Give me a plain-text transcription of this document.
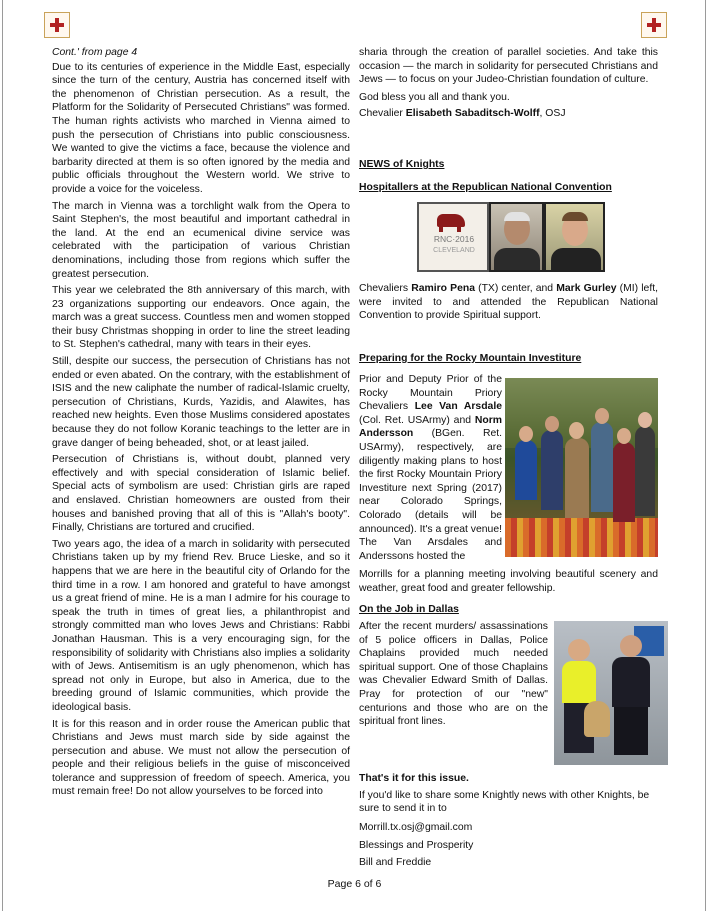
Cont.' from page 4

Due to its centuries of experience in the Middle East, especially since the turn of the century, Austria has concerned itself with the phenomenon of Christian persecution. As a result, the Platform for the Solidarity of Persecuted Christians" was formed. The human rights activists who marched in Vienna aimed to push the persecution of Christians into public consciousness. We wanted to give the victims a face, because the violence and barbarity directed at them is so often ignored by the media and public officials throughout the Western world. We strive to provide a voice for the voiceless.

The march in Vienna was a torchlight walk from the Opera to Saint Stephen's, the most beautiful and important cathedral in the land. At the end an ecumenical divine service was celebrated with the participation of various Christian denominations, including those from regions which suffer the greatest persecution.

This year we celebrated the 8th anniversary of this march, with 23 organizations supporting our endeavors. Once again, the march was a great success. Countless men and women stopped their busy Christmas shopping in order to line the street leading to St. Stephen's cathedral, many with tears in their eyes.

Still, despite our success, the persecution of Christians has not ended or even abated. On the contrary, with the establishment of ISIS and the new caliphate the number of radical-Islamic cruelty, persecution of Christians, Kurds, Yazidis, and Alawites, has reached new heights. Even those Muslims considered apostates because they do not follow Koranic teachings to the letter are in grave danger of being beheaded, shot, or at least jailed.

Persecution of Christians is, without doubt, planned very effectively and with special consideration of Islamic belief. Special acts of symbolism are used: Christian girls are raped and enslaved. Christian homeowners are ousted from their houses and banished proving that all of this is "Allah's booty". Finally, Christians are tortured and crucified.

Two years ago, the idea of a march in solidarity with persecuted Christians taken up by my friend Rev. Bruce Lieske, and so it happens that we are here in the beautiful city of Orlando for the third time in a row. I am honored and grateful to have amongst us a great friend of mine. He is a man I admire for his courage to speak the truth in times of great lies, a philanthropist and strongly committed man who loves Jews and Christians: Rabbi Jonathan Hausman. This is a very encouraging sign, for the responsibility of solidarity with Christians also implies a solidarity with of Jews. Antisemitism is an ugly phenomenon, which has spread not only in Europe, but also in America, due to the breeding ground of Islamic communities, which provide the ideological basis.

It is for this reason and in order rouse the American public that Christians and Jews must march side by side against the persecution and abuse. We must not allow the persecution of people and their religious beliefs in the guise of misconceived tolerance and suppression of freedom of speech. America, you must remain free! Do not allow yourselves to be forced into

sharia through the creation of parallel societies. And take this occasion — the march in solidarity for persecuted Christians and Jews — to focus on your Judeo-Christian foundation of culture.

God bless you all and thank you.

Chevalier Elisabeth Sabaditsch-Wolff, OSJ

NEWS of Knights

Hospitallers at the Republican National Convention

RNC·2016
CLEVELAND

Chevaliers Ramiro Pena (TX) center, and Mark Gurley (MI) left, were invited to and attended the Republican National Convention to provide Spiritual support.

Preparing for the Rocky Mountain Investiture

Prior and Deputy Prior of the Rocky Mountain Priory Chevaliers Lee Van Arsdale (Col. Ret. USArmy) and Norm Andersson (BGen. Ret. USArmy), respectively, are diligently making plans to host the first Rocky Mountain Priory Investiture next Spring (2017) near Colorado Springs, Colorado (details will be announced). It's a great venue! The Van Arsdales and Anderssons hosted the

Morrills for a planning meeting involving beautiful scenery and weather, great food and greater fellowship.

On the Job in Dallas

After the recent murders/ assassinations of 5 police officers in Dallas, Police Chaplains provided much needed spiritual support. One of those Chaplains was Chevalier Edward Smith of Dallas. Pray for protection of our "new" centurions and those who are on the spiritual front lines.

That's it for this issue.

If you'd like to share some Knightly news with other Knights, be sure to send it in to

Morrill.tx.osj@gmail.com

Blessings and Prosperity

Bill and Freddie

Page 6 of 6
